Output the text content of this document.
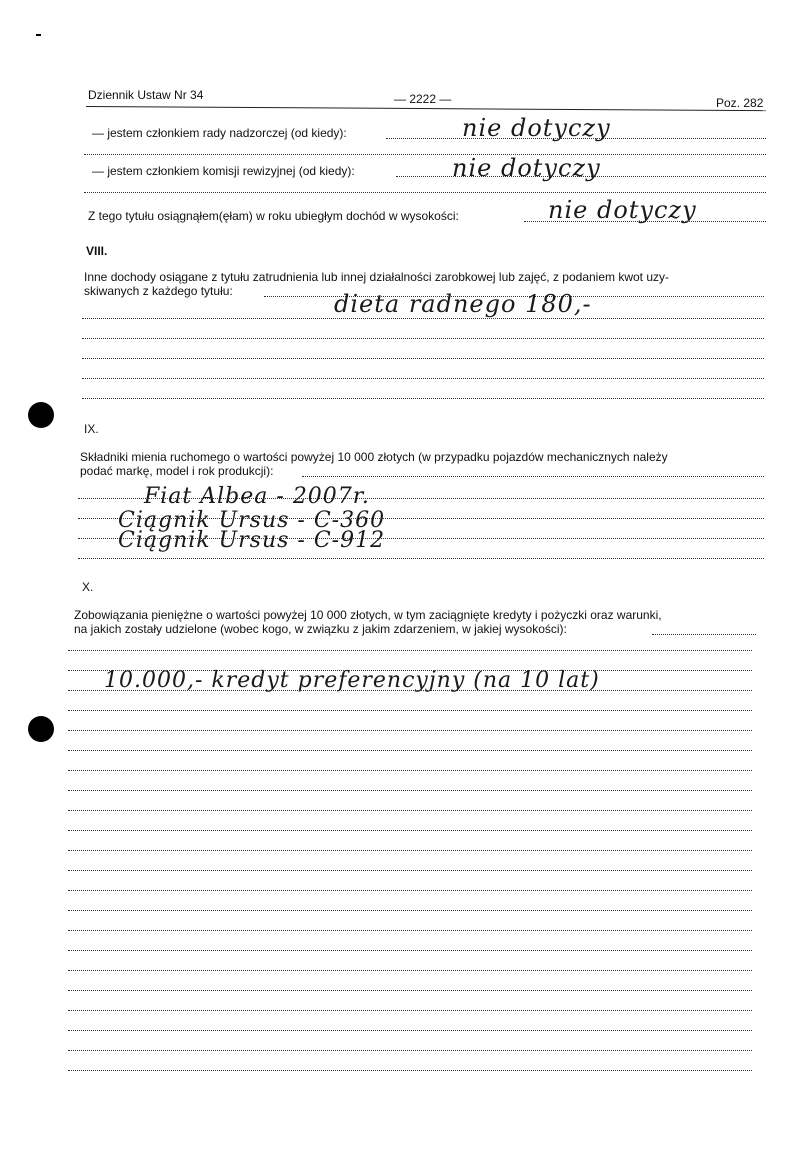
Dziennik Ustaw Nr 34	— 2222 —	Poz. 282
— jestem członkiem rady nadzorczej (od kiedy):	nie dotyczy
— jestem członkiem komisji rewizyjnej (od kiedy):	nie dotyczy
Z tego tytułu osiągnąłem(ęłam) w roku ubiegłym dochód w wysokości:	nie dotyczy
VIII.
Inne dochody osiągane z tytułu zatrudnienia lub innej działalności zarobkowej lub zajęć, z podaniem kwot uzy-
skiwanych z każdego tytułu:	dieta radnego 180,-
IX.
Składniki mienia ruchomego o wartości powyżej 10 000 złotych (w przypadku pojazdów mechanicznych należy
podać markę, model i rok produkcji):
Fiat Albea - 2007r.
Ciągnik Ursus - C-360
Ciągnik Ursus - C-912
X.
Zobowiązania pieniężne o wartości powyżej 10 000 złotych, w tym zaciągnięte kredyty i pożyczki oraz warunki,
na jakich zostały udzielone (wobec kogo, w związku z jakim zdarzeniem, w jakiej wysokości):
10.000,- kredyt preferencyjny (na 10 lat)
